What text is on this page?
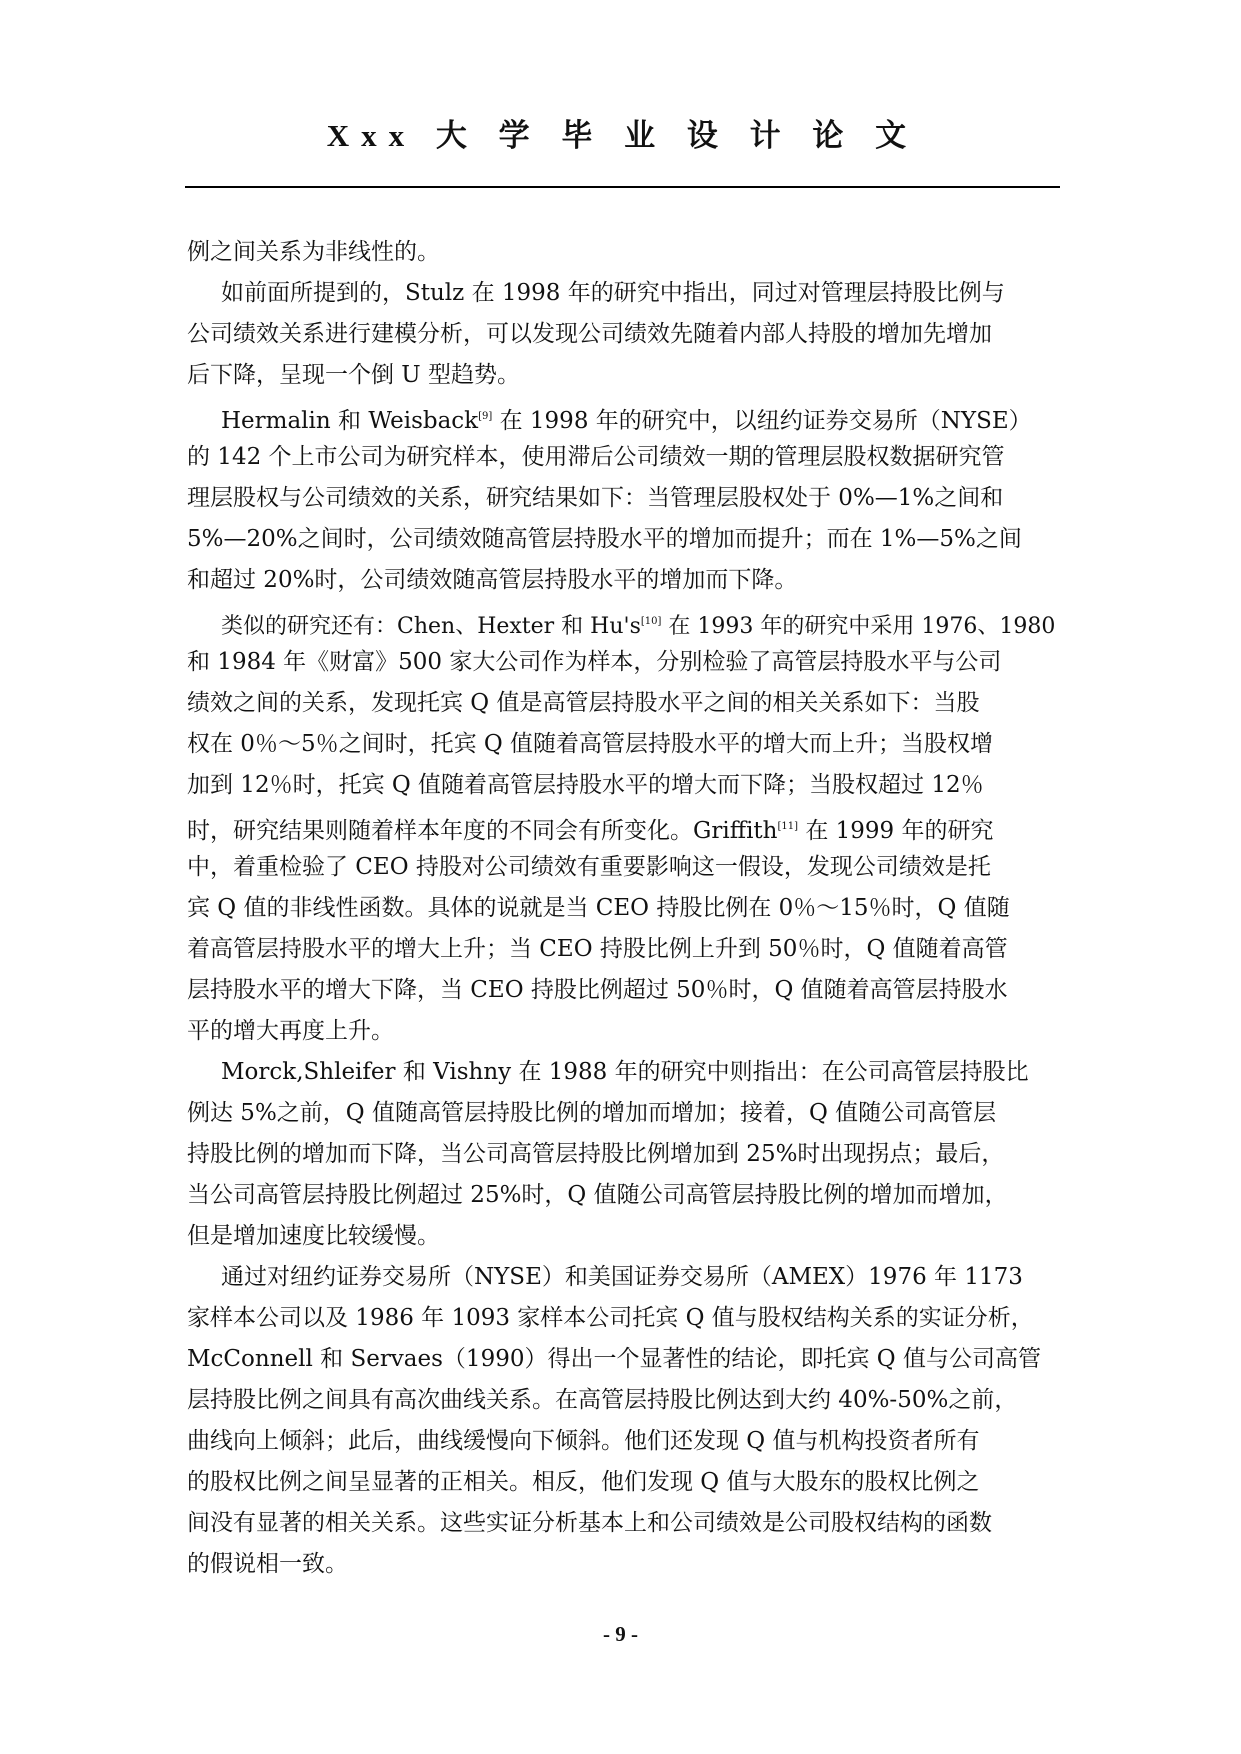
Xxx 大 学 毕 业 设 计 论 文
例之间关系为非线性的。
如前面所提到的，Stulz 在 1998 年的研究中指出，同过对管理层持股比例与
公司绩效关系进行建模分析，可以发现公司绩效先随着内部人持股的增加先增加
后下降，呈现一个倒 U 型趋势。
Hermalin 和 Weisback[9] 在 1998 年的研究中，以纽约证券交易所（NYSE）
的 142 个上市公司为研究样本，使用滞后公司绩效一期的管理层股权数据研究管
理层股权与公司绩效的关系，研究结果如下：当管理层股权处于 0%—1%之间和
5%—20%之间时，公司绩效随高管层持股水平的增加而提升；而在 1%—5%之间
和超过 20%时，公司绩效随高管层持股水平的增加而下降。
类似的研究还有：Chen、Hexter 和 Hu's[10] 在 1993 年的研究中采用 1976、1980
和 1984 年《财富》500 家大公司作为样本，分别检验了高管层持股水平与公司
绩效之间的关系，发现托宾 Q 值是高管层持股水平之间的相关关系如下：当股
权在 0％～5％之间时，托宾 Q 值随着高管层持股水平的增大而上升；当股权增
加到 12％时，托宾 Q 值随着高管层持股水平的增大而下降；当股权超过 12％
时，研究结果则随着样本年度的不同会有所变化。Griffith[11] 在 1999 年的研究
中，着重检验了 CEO 持股对公司绩效有重要影响这一假设，发现公司绩效是托
宾 Q 值的非线性函数。具体的说就是当 CEO 持股比例在 0％～15％时，Q 值随
着高管层持股水平的增大上升；当 CEO 持股比例上升到 50％时，Q 值随着高管
层持股水平的增大下降，当 CEO 持股比例超过 50％时，Q 值随着高管层持股水
平的增大再度上升。
Morck,Shleifer 和 Vishny 在 1988 年的研究中则指出：在公司高管层持股比
例达 5%之前，Q 值随高管层持股比例的增加而增加；接着，Q 值随公司高管层
持股比例的增加而下降，当公司高管层持股比例增加到 25%时出现拐点；最后，
当公司高管层持股比例超过 25%时，Q 值随公司高管层持股比例的增加而增加，
但是增加速度比较缓慢。
通过对纽约证券交易所（NYSE）和美国证券交易所（AMEX）1976 年 1173
家样本公司以及 1986 年 1093 家样本公司托宾 Q 值与股权结构关系的实证分析，
McConnell 和 Servaes（1990）得出一个显著性的结论，即托宾 Q 值与公司高管
层持股比例之间具有高次曲线关系。在高管层持股比例达到大约 40%-50%之前，
曲线向上倾斜；此后，曲线缓慢向下倾斜。他们还发现 Q 值与机构投资者所有
的股权比例之间呈显著的正相关。相反，他们发现 Q 值与大股东的股权比例之
间没有显著的相关关系。这些实证分析基本上和公司绩效是公司股权结构的函数
的假说相一致。
- 9 -
